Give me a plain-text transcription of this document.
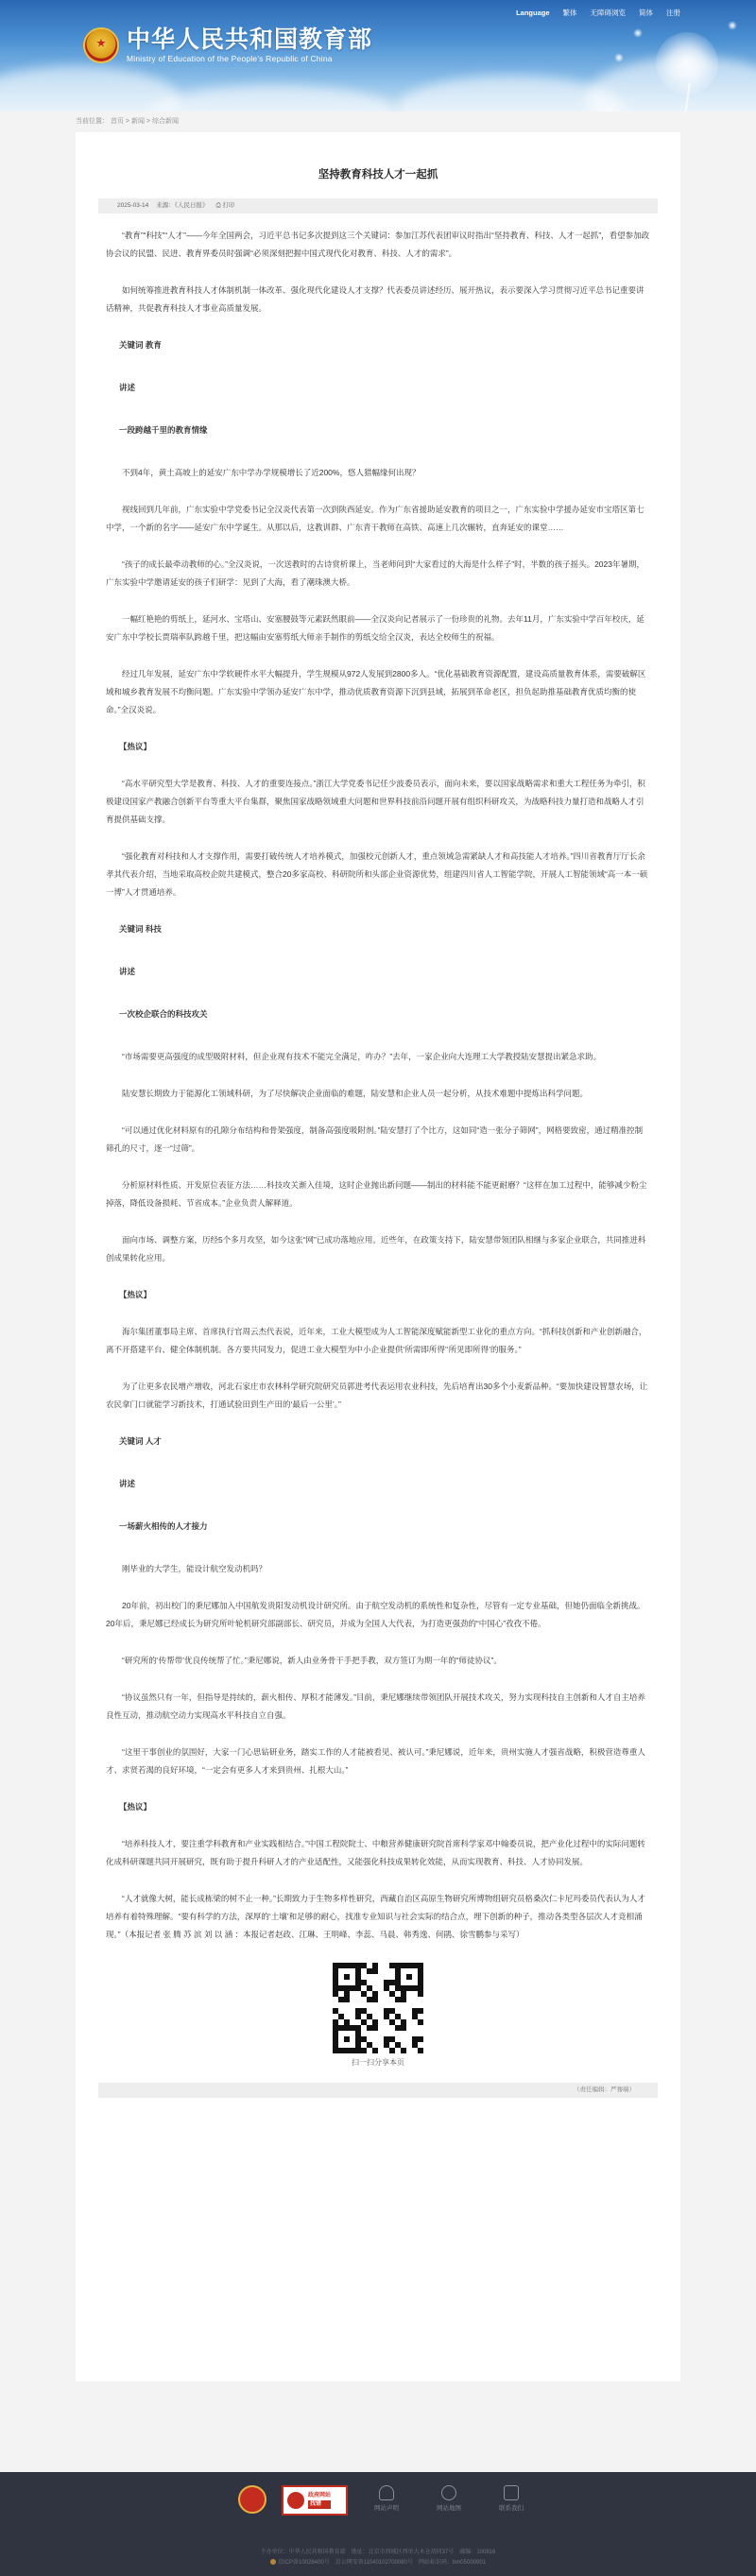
中华人民共和国教育部
Ministry of Education of the People's Republic of China
Language 繁体 无障碍浏览 简体 注册
当前位置： 首页 > 新闻 > 综合新闻
坚持教育科技人才一起抓
2025-03-14 来源：《人民日报》 ⎙ 打印

“教育”“科技”“人才”——今年全国两会，习近平总书记多次提到这三个关键词：参加江苏代表团审议时指出“坚持教育、科技、人才一起抓”，看望参加政协会议的民盟、民进、教育界委员时强调“必须深刻把握中国式现代化对教育、科技、人才的需求”。

如何统筹推进教育科技人才体制机制一体改革、强化现代化建设人才支撑？代表委员讲述经历、展开热议，表示要深入学习贯彻习近平总书记重要讲话精神，共促教育科技人才事业高质量发展。

关键词 教育

讲述

一段跨越千里的教育情缘

不到4年，黄土高坡上的延安广东中学办学规模增长了近200%，悠人猎幅缘何出现？

视线回到几年前，广东实验中学党委书记全汉炎代表第一次到陕西延安。作为广东省援助延安教育的项目之一，广东实验中学援办延安市宝塔区第七中学，一个新的名字——延安广东中学诞生。从那以后，这教训群、广东青干教师在高铁、高速上几次辗转，直奔延安的课堂……

“孩子的成长最牵动教师的心。”全汉炎说，一次送教时的古诗赏析课上，当老师问到“大家看过的大海是什么样子”时，半数的孩子摇头。2023年暑期，广东实验中学邀请延安的孩子们研学：见到了大海，看了潮珠澳大桥。

一幅红艳艳的剪纸上，延河水、宝塔山、安塞腰鼓等元素跃然眼前——全汉炎向记者展示了一份珍贵的礼物。去年11月，广东实验中学百年校庆，延安广东中学校长贾瑞率队跨越千里，把这幅由安塞剪纸大师亲手制作的剪纸交给全汉炎，表达全校师生的祝福。

经过几年发展，延安广东中学软硬件水平大幅提升，学生规模从972人发展到2800多人。“优化基础教育资源配置，建设高质量教育体系，需要破解区域和城乡教育发展不均衡问题。广东实验中学领办延安广东中学，推动优质教育资源下沉到县域，拓展到革命老区，担负起助推基础教育优质均衡的使命。”全汉炎说。

【热议】

“高水平研究型大学是教育、科技、人才的重要连接点。”浙江大学党委书记任少波委员表示，面向未来，要以国家战略需求和重大工程任务为牵引，积极建设国家产教融合创新平台等重大平台集群，聚焦国家战略领域重大问题和世界科技前沿问题开展有组织科研攻关，为战略科技力量打造和战略人才引育提供基础支撑。

“强化教育对科技和人才支撑作用，需要打破传统人才培养模式，加强校元创新人才，重点领域急需紧缺人才和高技能人才培养。”四川省教育厅厅长余孝其代表介绍，当地采取高校企院共建模式，整合20多家高校、科研院所和头部企业资源优势，组建四川省人工智能学院，开展人工智能领域“高一本一硕一博”人才贯通培养。

关键词 科技

讲述

一次校企联合的科技攻关

“市场需要更高强度的成型吸附材料，但企业现有技术不能完全满足，咋办？”去年，一家企业向大连理工大学教授陆安慧提出紧急求助。

陆安慧长期致力于能源化工领域科研，为了尽快解决企业面临的难题，陆安慧和企业人员一起分析，从技术难题中提炼出科学问题。

“可以通过优化材料原有的孔隙分布结构和骨架强度，制备高强度吸附剂。”陆安慧打了个比方，这如同“造一张分子筛网”，网格要致密，通过精准控制筛孔的尺寸，逐一“过筛”。

分析原材料性质、开发原位表征方法……科技攻关渐入佳境，这时企业抛出新问题——制出的材料能不能更耐磨？“这样在加工过程中，能够减少粉尘掉落，降低设备损耗、节省成本。”企业负责人解释道。

面向市场、调整方案，历经5个多月攻坚，如今这张“网”已成功落地应用。近些年，在政策支持下，陆安慧带领团队相继与多家企业联合，共同推进科创成果转化应用。

【热议】

海尔集团董事局主席、首席执行官周云杰代表说，近年来，工业大模型成为人工智能深度赋能新型工业化的重点方向。“抓科技创新和产业创新融合，离不开搭建平台、健全体制机制。各方要共同发力，促进工业大模型为中小企业提供‘所需即所得’‘所见即所得’的服务。”

为了让更多农民增产增收，河北石家庄市农林科学研究院研究员郭进考代表运用农业科技，先后培育出30多个小麦新品种。“要加快建设智慧农场，让农民拿门口就能学习新技术，打通试验田到生产田的‘最后一公里’。”

关键词 人才

讲述

一场薪火相传的人才接力

刚毕业的大学生，能设计航空发动机吗？

20年前，初出校门的秉尼娜加入中国航发贵阳发动机设计研究所。由于航空发动机的系统性和复杂性，尽管有一定专业基础，但她仍面临全新挑战。20年后，秉尼娜已经成长为研究所叶轮机研究部副部长、研究员，并成为全国人大代表，为打造更强劲的“中国心”孜孜不倦。

“研究所的‘传帮带’优良传统帮了忙。”秉尼娜说，新人由业务骨干手把手教，双方签订为期一年的“师徒协议”。

“协议虽然只有一年，但指导是持续的，薪火相传、厚积才能薄发。”目前，秉尼娜继续带领团队开展技术攻关，努力实现科技自主创新和人才自主培养良性互动，推动航空动力实现高水平科技自立自强。

“这里干事创业的氛围好，大家一门心思钻研业务，踏实工作的人才能被看见、被认可。”秉尼娜说，近年来，贵州实施人才强省战略，积极营造尊重人才、求贤若渴的良好环境，“一定会有更多人才来到贵州、扎根大山。”

【热议】

“培养科技人才，要注重学科教育和产业实践相结合。”中国工程院院士、中粮营养健康研究院首席科学家邓中翰委员说，把产业化过程中的实际问题转化成科研课题共同开展研究，既有助于提升科研人才的产业适配性，又能强化科技成果转化效能，从而实现教育、科技、人才协同发展。

“人才就像大树，能长成栋梁的树不止一种。”长期致力于生物多样性研究，西藏自治区高原生物研究所博物组研究员格桑次仁卡尼玛委员代表认为人才培养有着特殊理解。“要有科学的方法，深厚的‘土壤’和足够的耐心，找准专业知识与社会实际的结合点，埋下创新的种子，推动各类型各层次人才竞相涌现。”（本报记者 张 腾 苏 滨 刘 以 涵 ：本报记者赵政、江琳、王明峰、李蕊、马晨、韩秀逸、何鹃、徐雪鹏参与采写）

扫一扫分享本页
（责任编辑：严骞端）
政府网站
找错
网站声明	网站地图	联系我们
主办单位：中华人民共和国教育部　地址：北京市西城区西单大木仓胡同37号　邮编：100816
京ICP备10028400号　京公网安备11040102700080号　网站标识码：bm05000001
